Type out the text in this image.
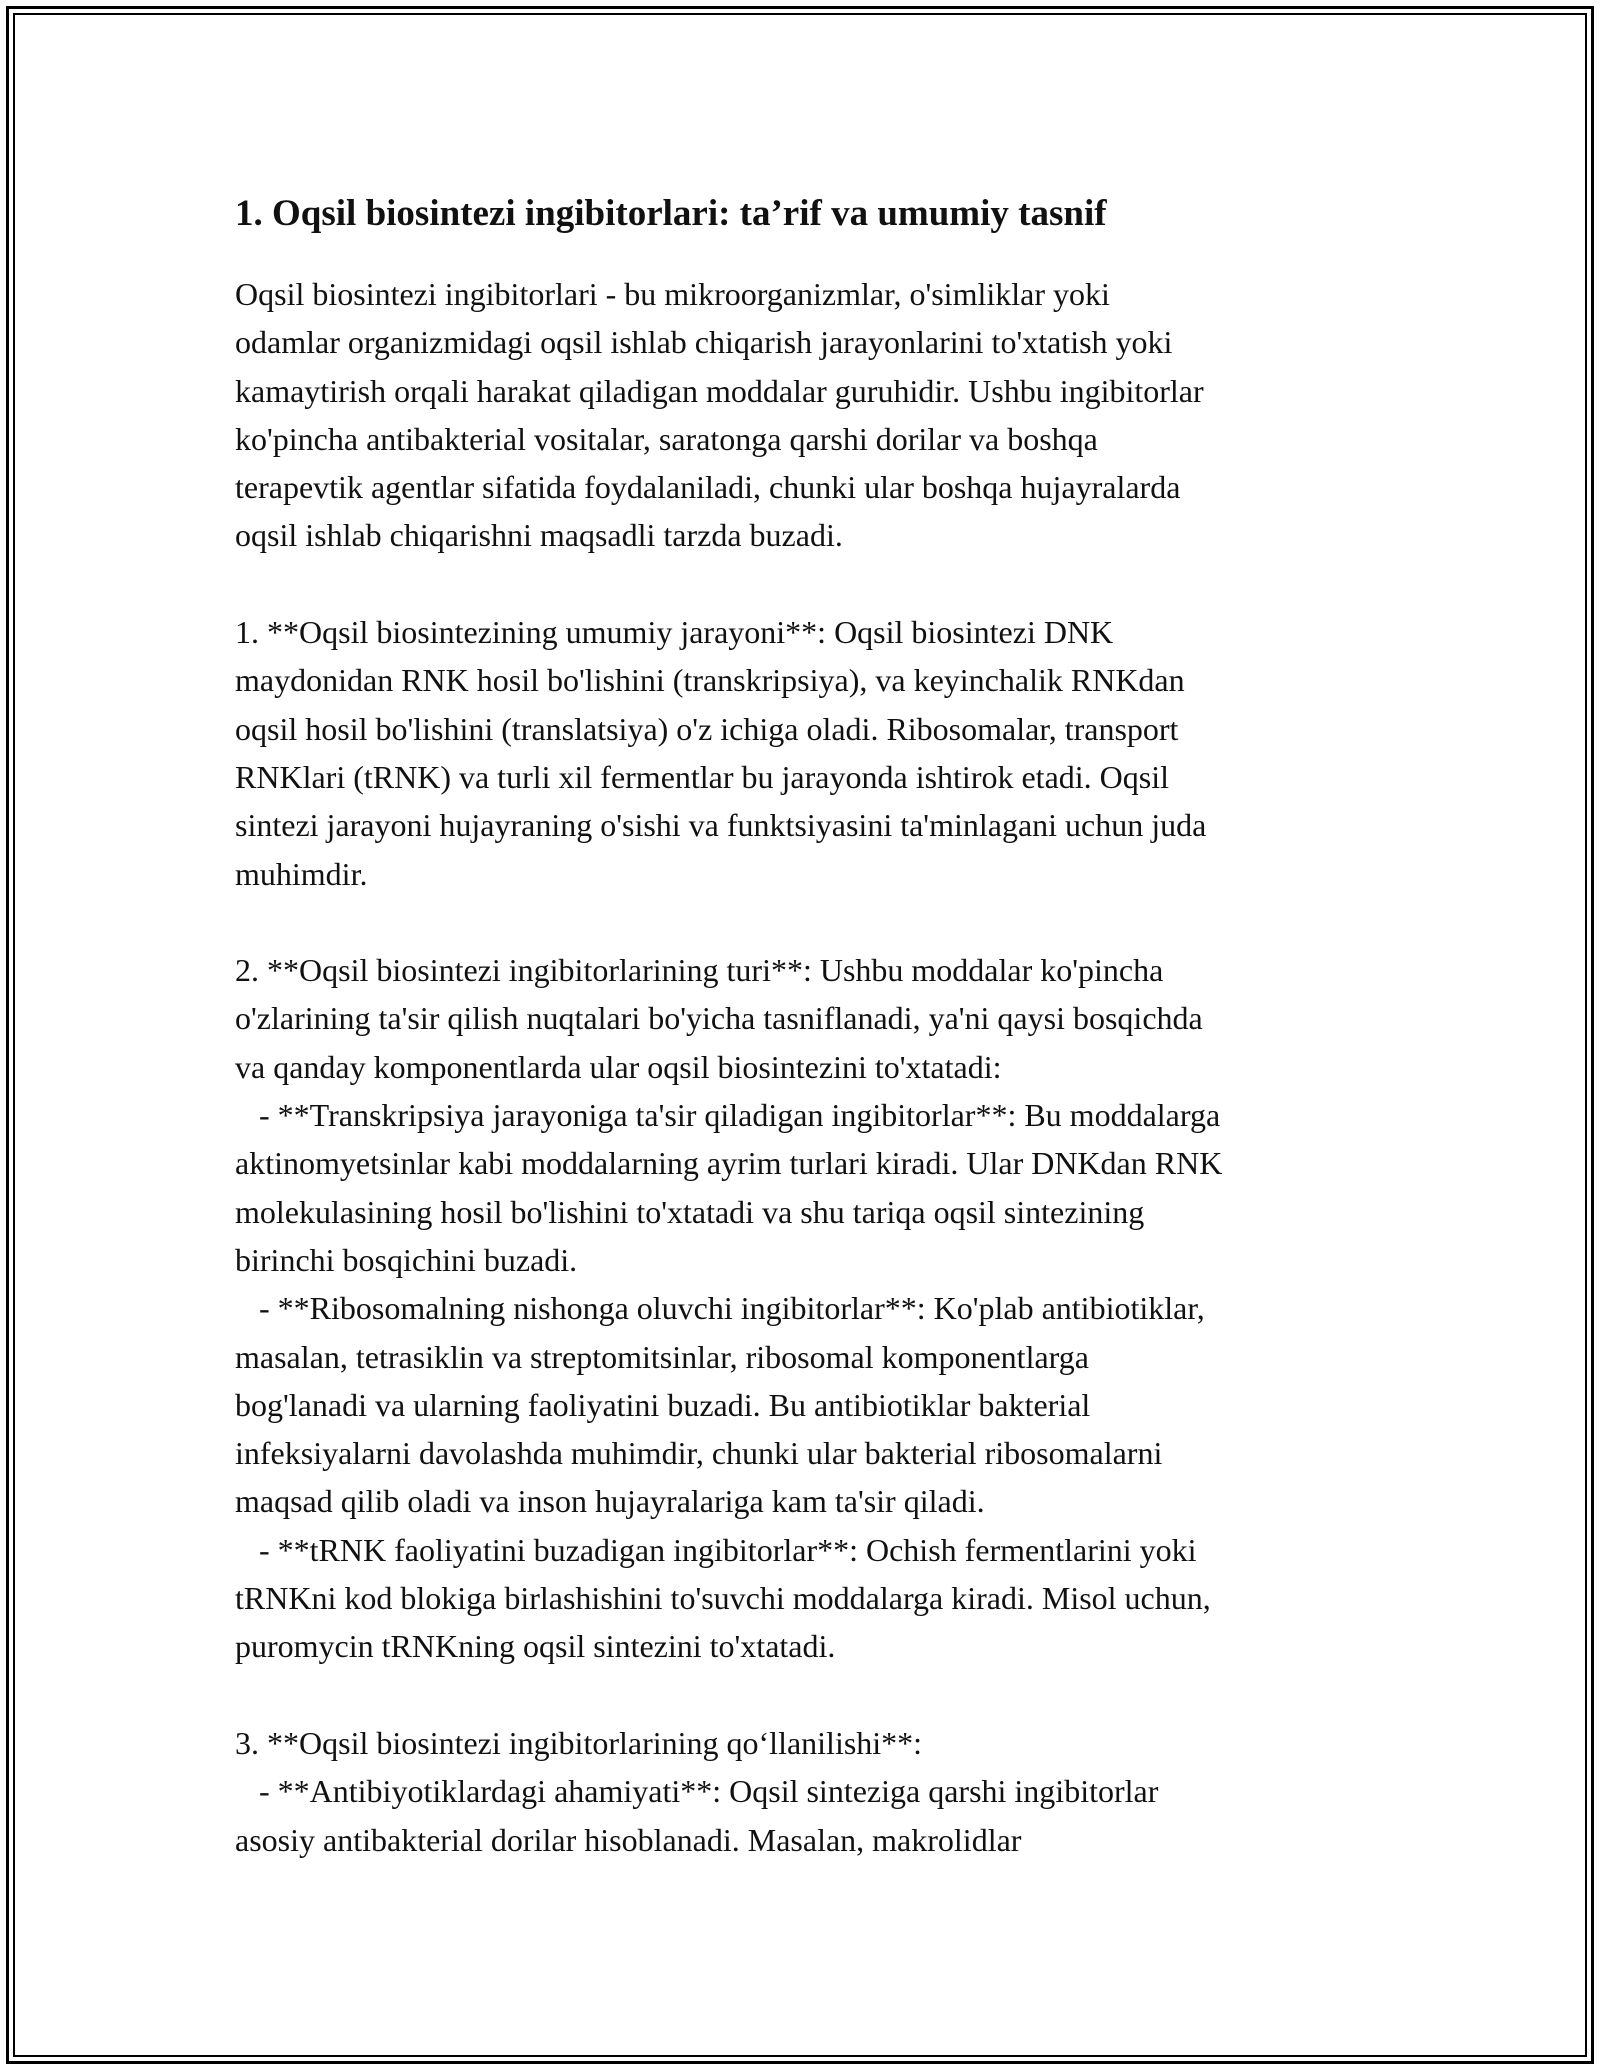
1. Oqsil biosintezi ingibitorlari: ta’rif va umumiy tasnif

Oqsil biosintezi ingibitorlari - bu mikroorganizmlar, o'simliklar yoki
odamlar organizmidagi oqsil ishlab chiqarish jarayonlarini to'xtatish yoki
kamaytirish orqali harakat qiladigan moddalar guruhidir. Ushbu ingibitorlar
ko'pincha antibakterial vositalar, saratonga qarshi dorilar va boshqa
terapevtik agentlar sifatida foydalaniladi, chunki ular boshqa hujayralarda
oqsil ishlab chiqarishni maqsadli tarzda buzadi.

1. **Oqsil biosintezining umumiy jarayoni**: Oqsil biosintezi DNK
maydonidan RNK hosil bo'lishini (transkripsiya), va keyinchalik RNKdan
oqsil hosil bo'lishini (translatsiya) o'z ichiga oladi. Ribosomalar, transport
RNKlari (tRNK) va turli xil fermentlar bu jarayonda ishtirok etadi. Oqsil
sintezi jarayoni hujayraning o'sishi va funktsiyasini ta'minlagani uchun juda
muhimdir.

2. **Oqsil biosintezi ingibitorlarining turi**: Ushbu moddalar ko'pincha
o'zlarining ta'sir qilish nuqtalari bo'yicha tasniflanadi, ya'ni qaysi bosqichda
va qanday komponentlarda ular oqsil biosintezini to'xtatadi:
- **Transkripsiya jarayoniga ta'sir qiladigan ingibitorlar**: Bu moddalarga
aktinomyetsinlar kabi moddalarning ayrim turlari kiradi. Ular DNKdan RNK
molekulasining hosil bo'lishini to'xtatadi va shu tariqa oqsil sintezining
birinchi bosqichini buzadi.
- **Ribosomalning nishonga oluvchi ingibitorlar**: Ko'plab antibiotiklar,
masalan, tetrasiklin va streptomitsinlar, ribosomal komponentlarga
bog'lanadi va ularning faoliyatini buzadi. Bu antibiotiklar bakterial
infeksiyalarni davolashda muhimdir, chunki ular bakterial ribosomalarni
maqsad qilib oladi va inson hujayralariga kam ta'sir qiladi.
- **tRNK faoliyatini buzadigan ingibitorlar**: Ochish fermentlarini yoki
tRNKni kod blokiga birlashishini to'suvchi moddalarga kiradi. Misol uchun,
puromycin tRNKning oqsil sintezini to'xtatadi.

3. **Oqsil biosintezi ingibitorlarining qo‘llanilishi**:
- **Antibiyotiklardagi ahamiyati**: Oqsil sinteziga qarshi ingibitorlar
asosiy antibakterial dorilar hisoblanadi. Masalan, makrolidlar
